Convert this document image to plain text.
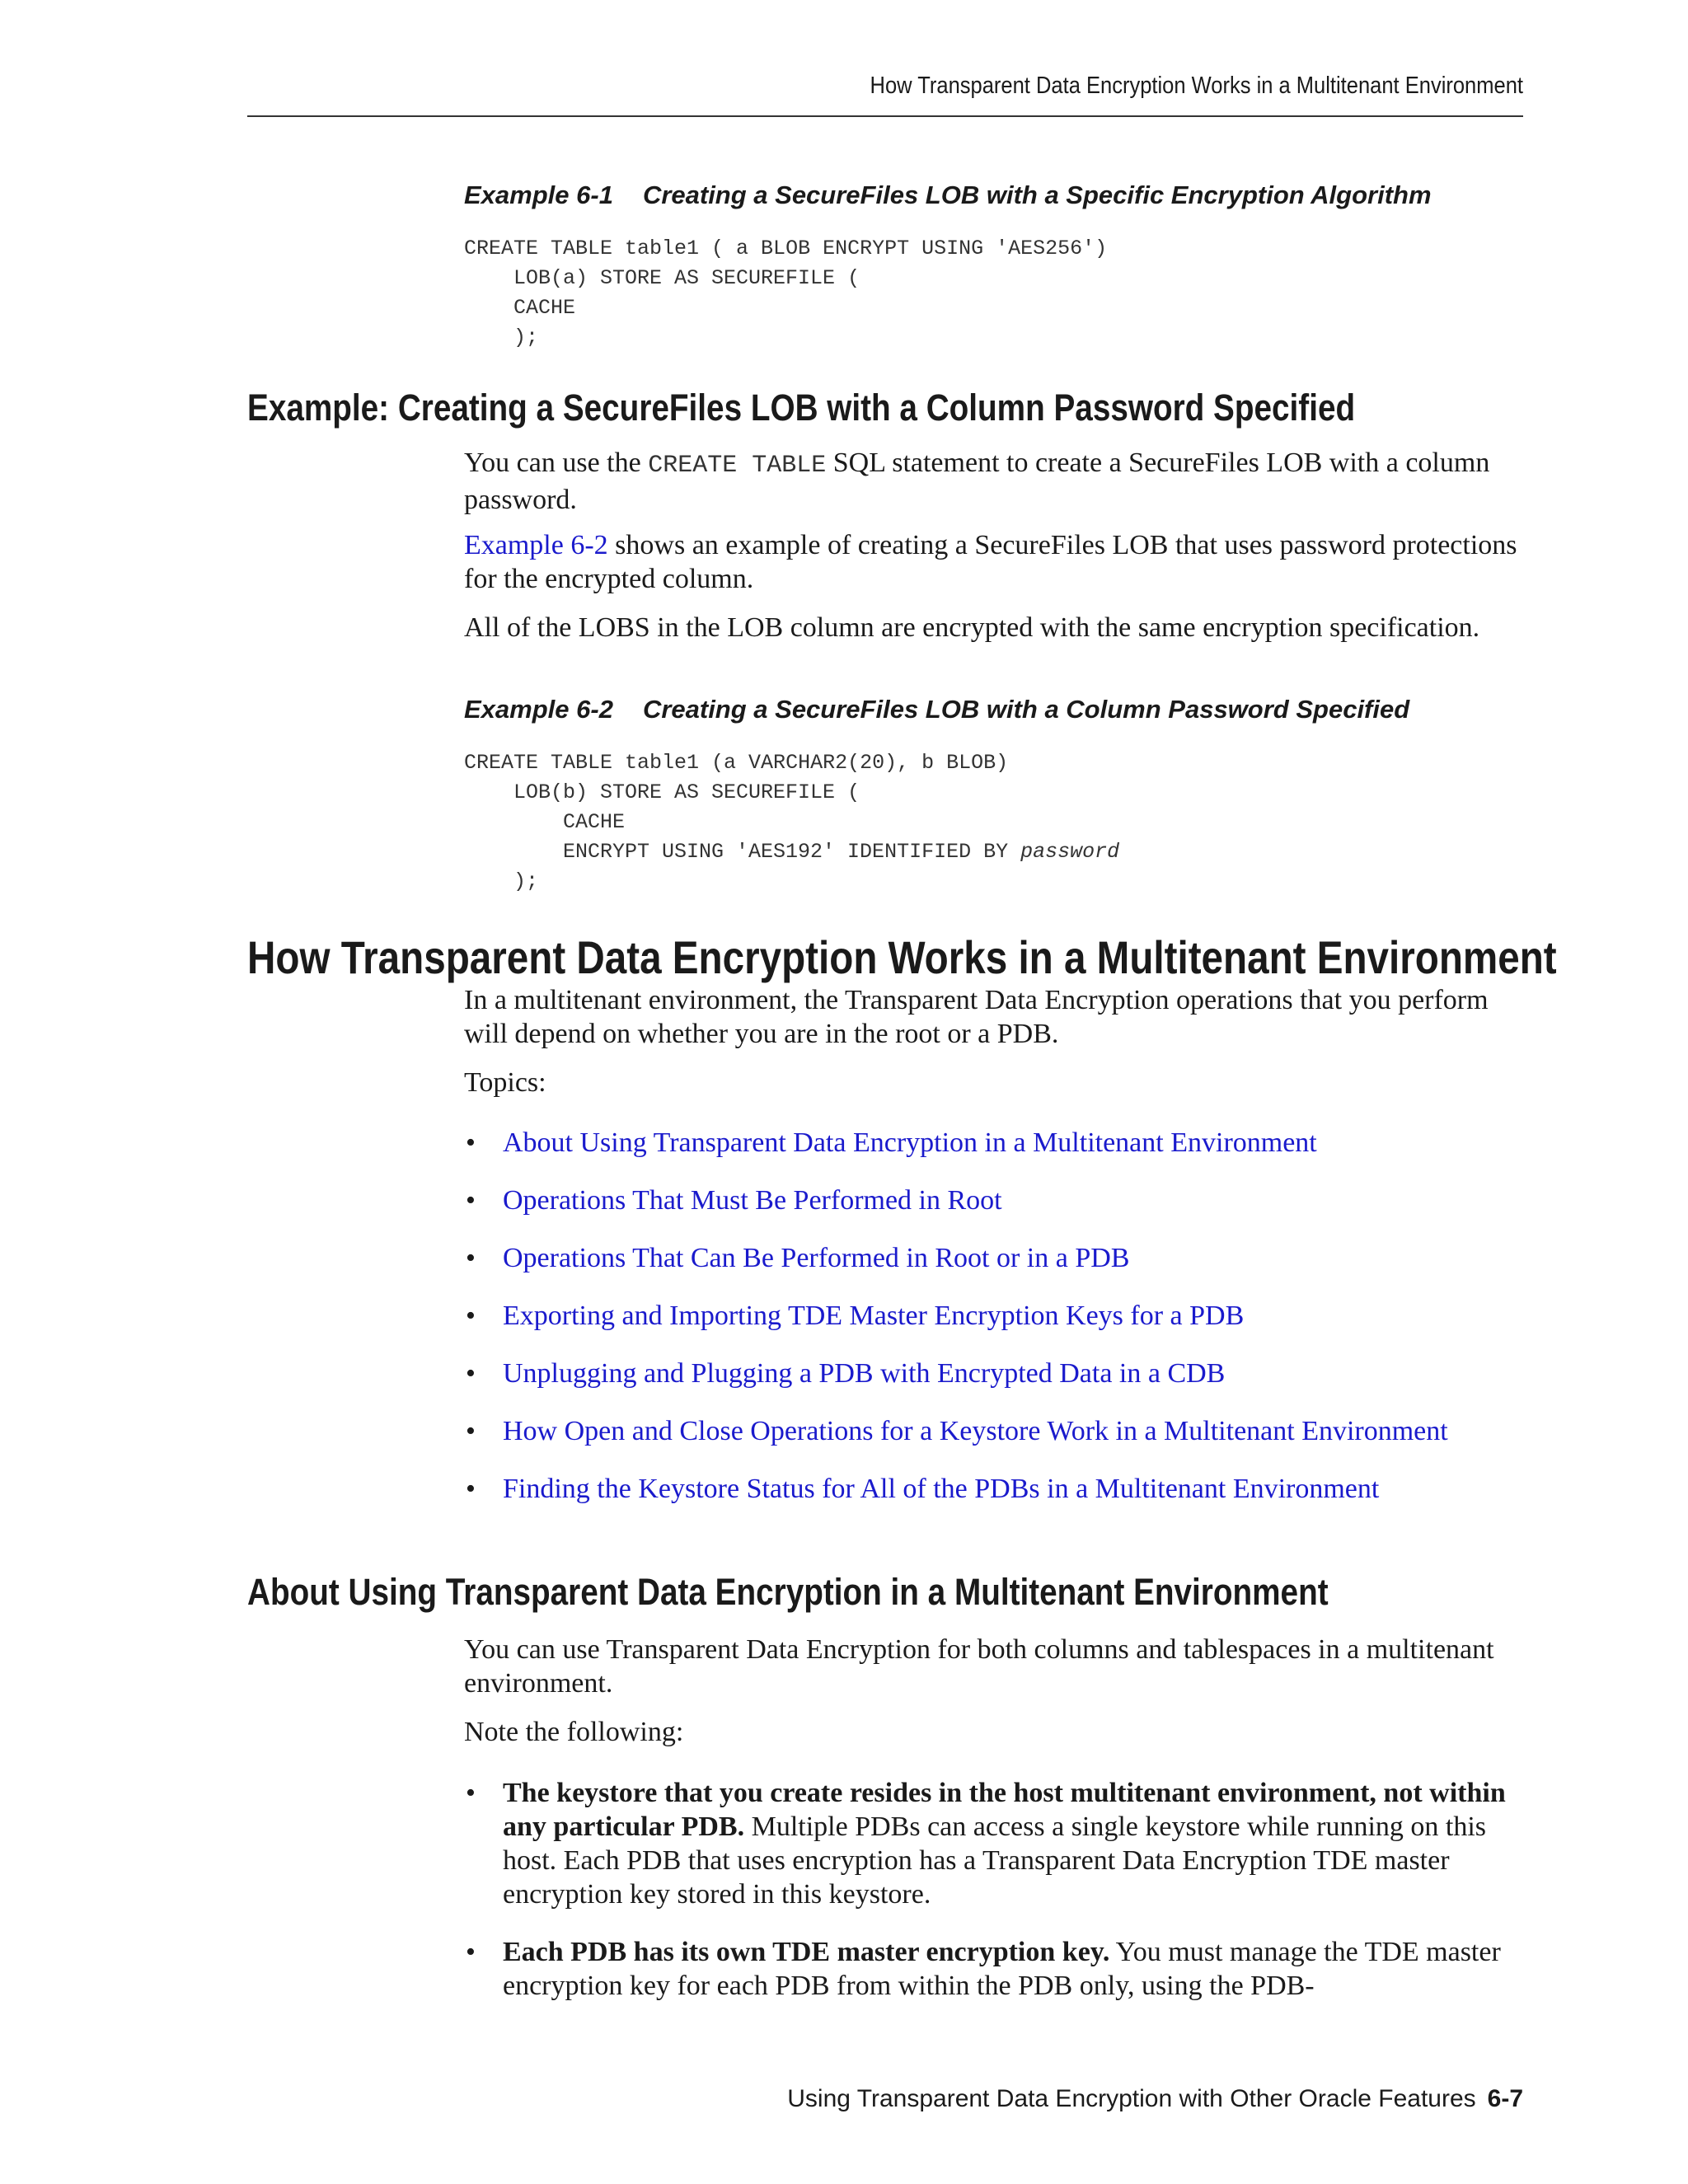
How Transparent Data Encryption Works in a Multitenant Environment
Example 6-1 Creating a SecureFiles LOB with a Specific Encryption Algorithm
CREATE TABLE table1 ( a BLOB ENCRYPT USING 'AES256')
LOB(a) STORE AS SECUREFILE (
CACHE
);
Example: Creating a SecureFiles LOB with a Column Password Specified

You can use the CREATE TABLE SQL statement to create a SecureFiles LOB with a column password.

Example 6-2 shows an example of creating a SecureFiles LOB that uses password protections for the encrypted column.

All of the LOBS in the LOB column are encrypted with the same encryption specification.

Example 6-2 Creating a SecureFiles LOB with a Column Password Specified
CREATE TABLE table1 (a VARCHAR2(20), b BLOB)
LOB(b) STORE AS SECUREFILE (
CACHE
ENCRYPT USING 'AES192' IDENTIFIED BY password
);
How Transparent Data Encryption Works in a Multitenant Environment

In a multitenant environment, the Transparent Data Encryption operations that you perform will depend on whether you are in the root or a PDB.

Topics:

• About Using Transparent Data Encryption in a Multitenant Environment
• Operations That Must Be Performed in Root
• Operations That Can Be Performed in Root or in a PDB
• Exporting and Importing TDE Master Encryption Keys for a PDB
• Unplugging and Plugging a PDB with Encrypted Data in a CDB
• How Open and Close Operations for a Keystore Work in a Multitenant Environment
• Finding the Keystore Status for All of the PDBs in a Multitenant Environment
About Using Transparent Data Encryption in a Multitenant Environment

You can use Transparent Data Encryption for both columns and tablespaces in a multitenant environment.

Note the following:

• The keystore that you create resides in the host multitenant environment, not within any particular PDB. Multiple PDBs can access a single keystore while running on this host. Each PDB that uses encryption has a Transparent Data Encryption TDE master encryption key stored in this keystore.
• Each PDB has its own TDE master encryption key. You must manage the TDE master encryption key for each PDB from within the PDB only, using the PDB-
Using Transparent Data Encryption with Other Oracle Features 6-7
